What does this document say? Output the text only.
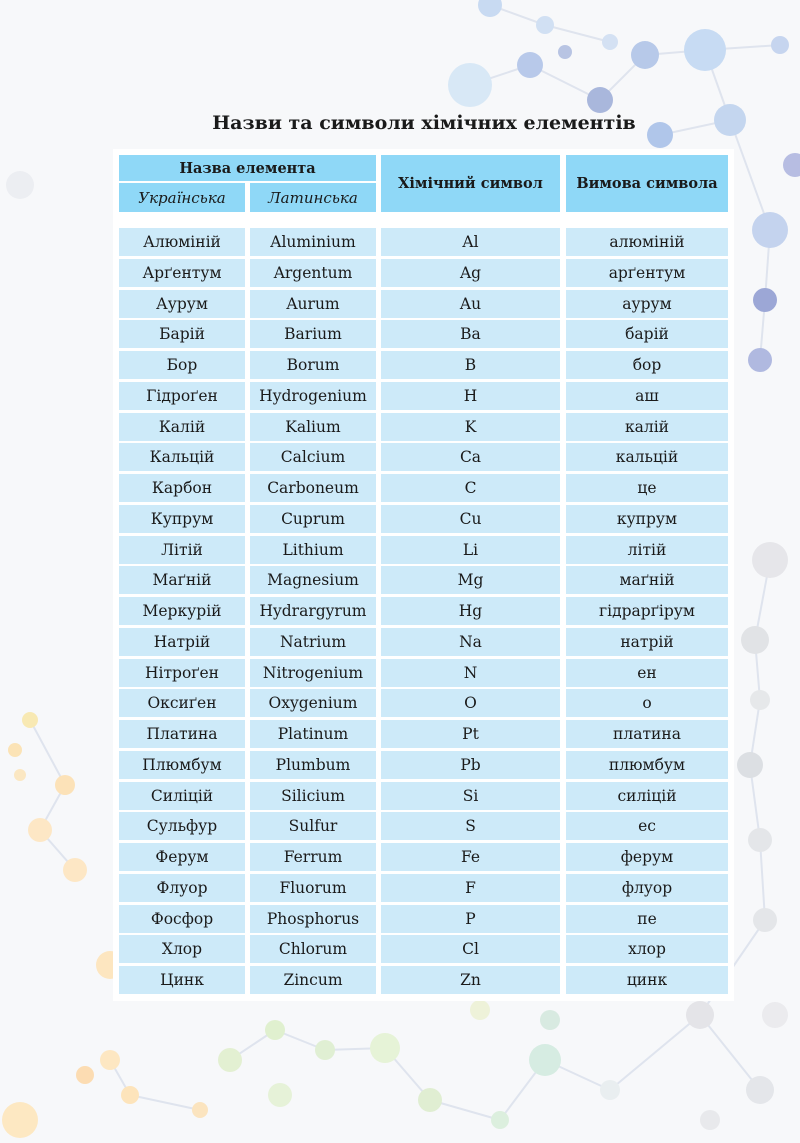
Назви та символи хімічних елементів
Назва елемента
Українська	Латинська
Хімічний символ	Вимова символа
Алюміній	Aluminium	Al	алюміній
Арґентум	Argentum	Ag	арґентум
Аурум	Aurum	Au	аурум
Барій	Barium	Ba	барій
Бор	Borum	B	бор
Гідроґен	Hydrogenium	H	аш
Калій	Kalium	K	калій
Кальцій	Calcium	Ca	кальцій
Карбон	Carboneum	C	це
Купрум	Cuprum	Cu	купрум
Літій	Lithium	Li	літій
Маґній	Magnesium	Mg	маґній
Меркурій	Hydrargyrum	Hg	гідрарґірум
Натрій	Natrium	Na	натрій
Нітроґен	Nitrogenium	N	ен
Оксиґен	Oxygenium	O	о
Платина	Platinum	Pt	платина
Плюмбум	Plumbum	Pb	плюмбум
Силіцій	Silicium	Si	силіцій
Сульфур	Sulfur	S	ес
Ферум	Ferrum	Fe	ферум
Флуор	Fluorum	F	флуор
Фосфор	Phosphorus	P	пе
Хлор	Chlorum	Cl	хлор
Цинк	Zincum	Zn	цинк
